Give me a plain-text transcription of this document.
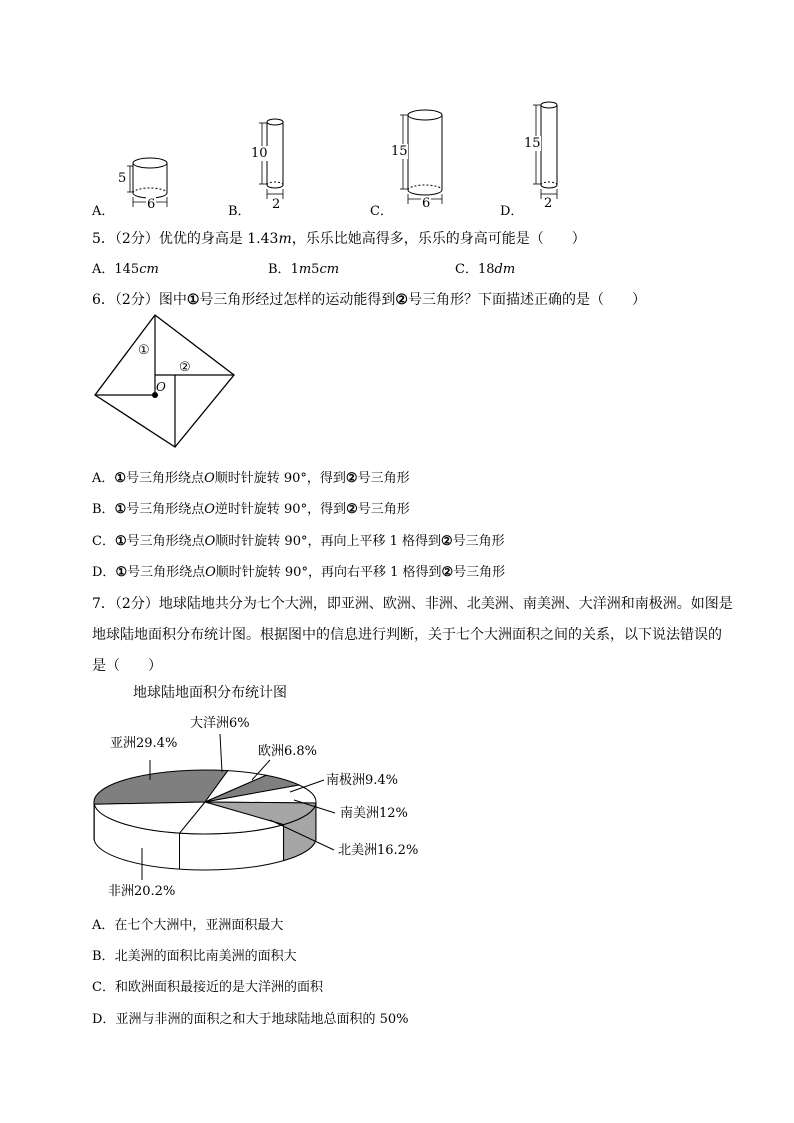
A．
5
6	B．
10
2	C．
15
6
D．
15
2
5．（2分）优优的身高是 1.43m，乐乐比她高得多，乐乐的身高可能是（　　）
A．145cm	B．1m5cm	C．18dm
6．（2分）图中①号三角形经过怎样的运动能得到②号三角形？下面描述正确的是（　　）
①
②
O
A．①号三角形绕点O顺时针旋转 90°，得到②号三角形
B．①号三角形绕点O逆时针旋转 90°，得到②号三角形
C．①号三角形绕点O顺时针旋转 90°，再向上平移 1 格得到②号三角形
D．①号三角形绕点O顺时针旋转 90°，再向右平移 1 格得到②号三角形
7．（2分）地球陆地共分为七个大洲，即亚洲、欧洲、非洲、北美洲、南美洲、大洋洲和南极洲。如图是
地球陆地面积分布统计图。根据图中的信息进行判断，关于七个大洲面积之间的关系，以下说法错误的
是（　　）
地球陆地面积分布统计图
亚洲29.4%
大洋洲6%
欧洲6.8%
南极洲9.4%
南美洲12%
北美洲16.2%
非洲20.2%
A．在七个大洲中，亚洲面积最大
B．北美洲的面积比南美洲的面积大
C．和欧洲面积最接近的是大洋洲的面积
D．亚洲与非洲的面积之和大于地球陆地总面积的 50%
